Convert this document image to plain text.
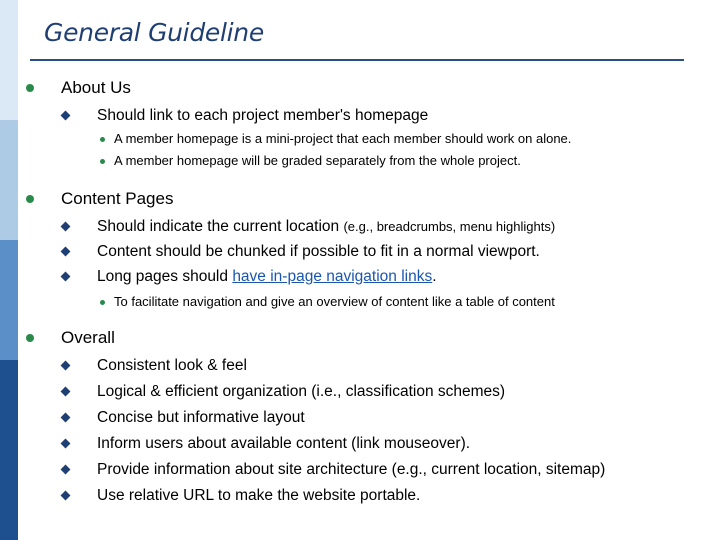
General Guideline
About Us
Should link to each project member's homepage
A member homepage is a mini-project that each member should work on alone.
A member homepage will be graded separately from the whole project.
Content Pages
Should indicate the current location (e.g., breadcrumbs, menu highlights)
Content should be chunked if possible to fit in a normal viewport.
Long pages should have in-page navigation links.
To facilitate navigation and give an overview of content like a table of content
Overall
Consistent look & feel
Logical & efficient organization (i.e., classification schemes)
Concise but informative layout
Inform users about available content (link mouseover).
Provide information about site architecture (e.g., current location, sitemap)
Use relative URL to make the website portable.
